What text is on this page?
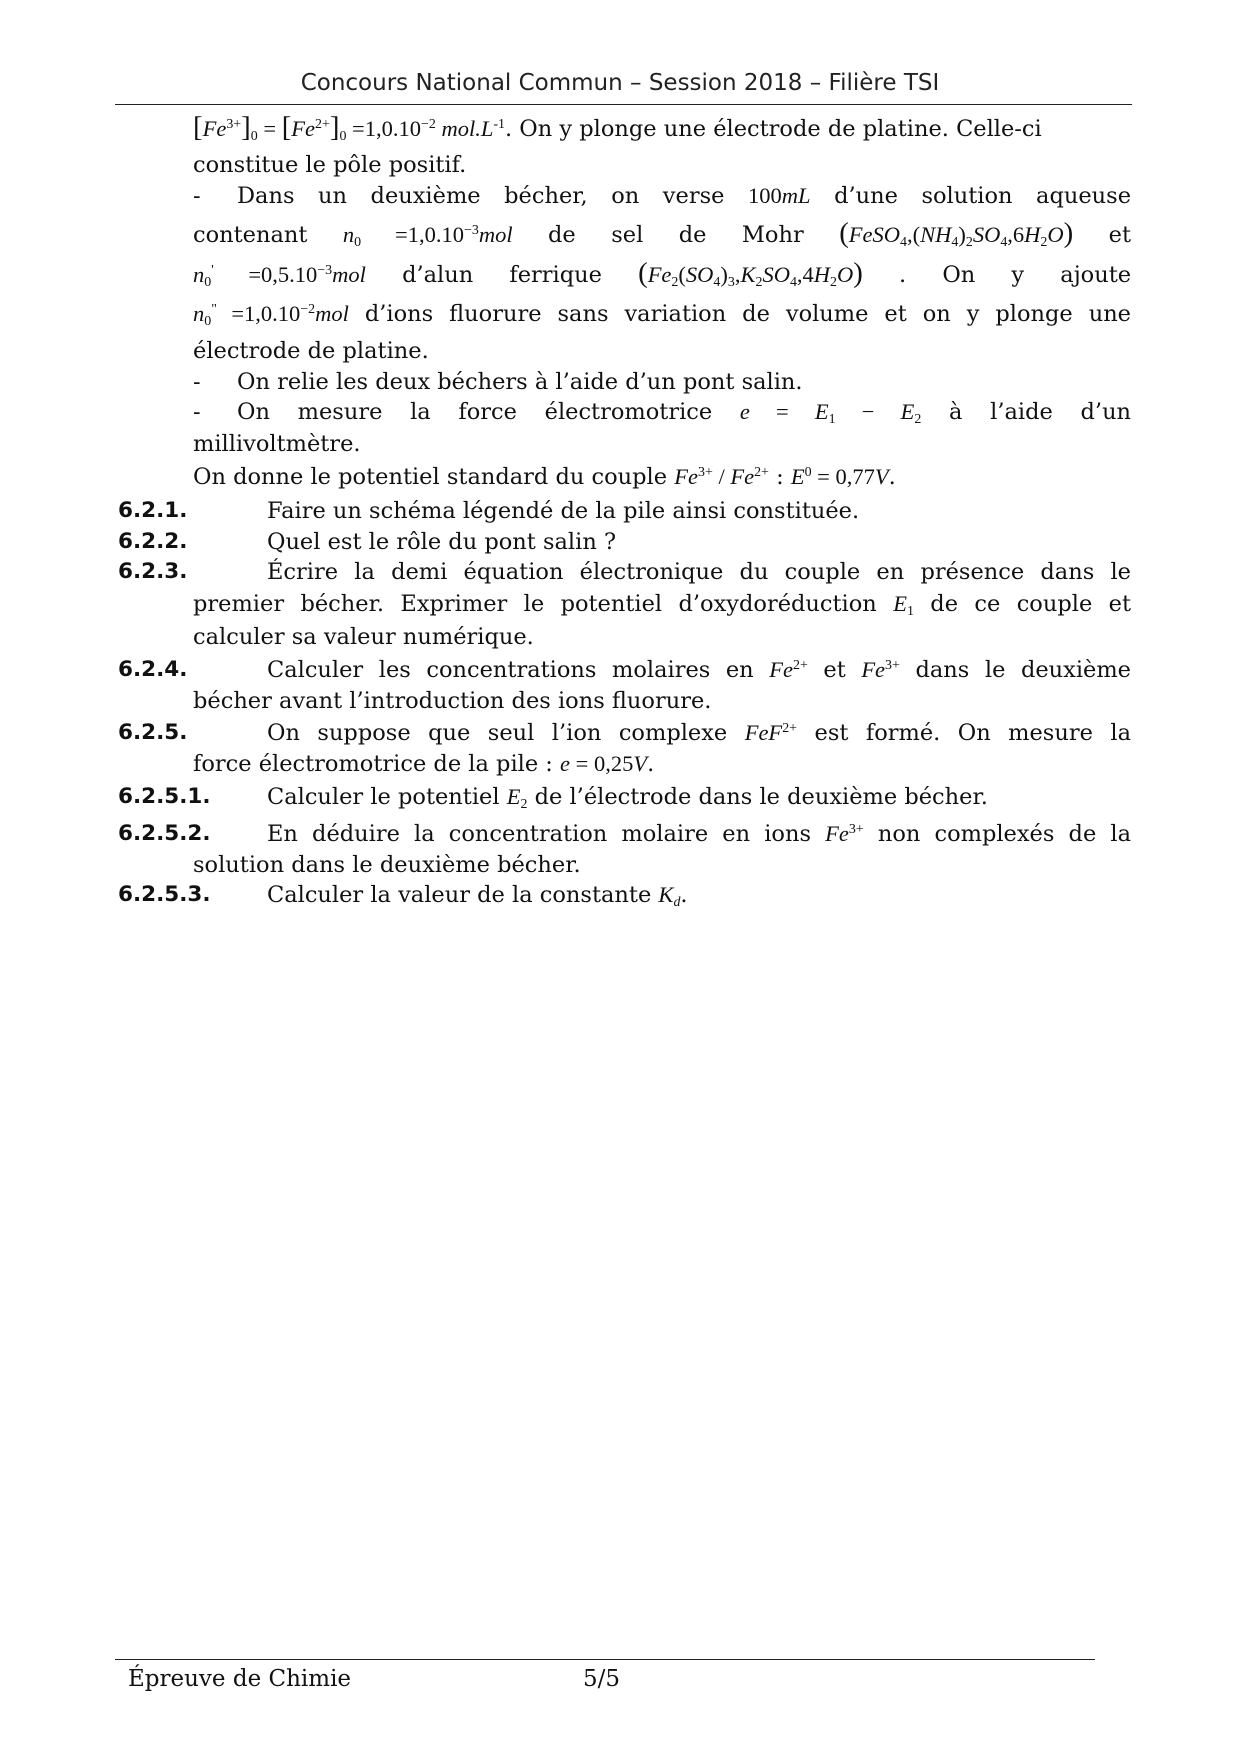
Concours National Commun – Session 2018 – Filière TSI
$[Fe^{3+}]_0 = [Fe^{2+}]_0 =1,0.10^{-2}$ $mol.L^{-1}$. On y plonge une électrode de platine. Celle-ci
constitue le pôle positif.
- Dans un deuxième bécher, on verse 100mL d’une solution aqueuse
contenant $n_0 =1,0.10^{-3}mol$ de sel de Mohr $(FeSO_4,(NH_4)_2SO_4,6H_2O)$ et
$n_0' =0,5.10^{-3}mol$ d’alun ferrique $(Fe_2(SO_4)_3,K_2SO_4,4H_2O)$ . On y ajoute
$n_0^" =1,0.10^{-2}mol$ d’ions fluorure sans variation de volume et on y plonge une
électrode de platine.
- On relie les deux béchers à l’aide d’un pont salin.
- On mesure la force électromotrice $e = E_1 - E_2$ à l’aide d’un
millivoltmètre.
On donne le potentiel standard du couple $Fe^{3+} / Fe^{2+}$ : $E^0 = 0,77V$.
6.2.1.	Faire un schéma légendé de la pile ainsi constituée.
6.2.2.	Quel est le rôle du pont salin ?
6.2.3.	Écrire la demi équation électronique du couple en présence dans le
premier bécher. Exprimer le potentiel d’oxydoréduction $E_1$ de ce couple et
calculer sa valeur numérique.
6.2.4.	Calculer les concentrations molaires en $Fe^{2+}$ et $Fe^{3+}$ dans le deuxième
bécher avant l’introduction des ions fluorure.
6.2.5.	On suppose que seul l’ion complexe FeF$^{2+}$ est formé. On mesure la
force électromotrice de la pile : e = 0,25V.
6.2.5.1.	Calculer le potentiel $E_2$ de l’électrode dans le deuxième bécher.
6.2.5.2.	En déduire la concentration molaire en ions $Fe^{3+}$ non complexés de la
solution dans le deuxième bécher.
6.2.5.3.	Calculer la valeur de la constante $K_d$.
Épreuve de Chimie	5/5
